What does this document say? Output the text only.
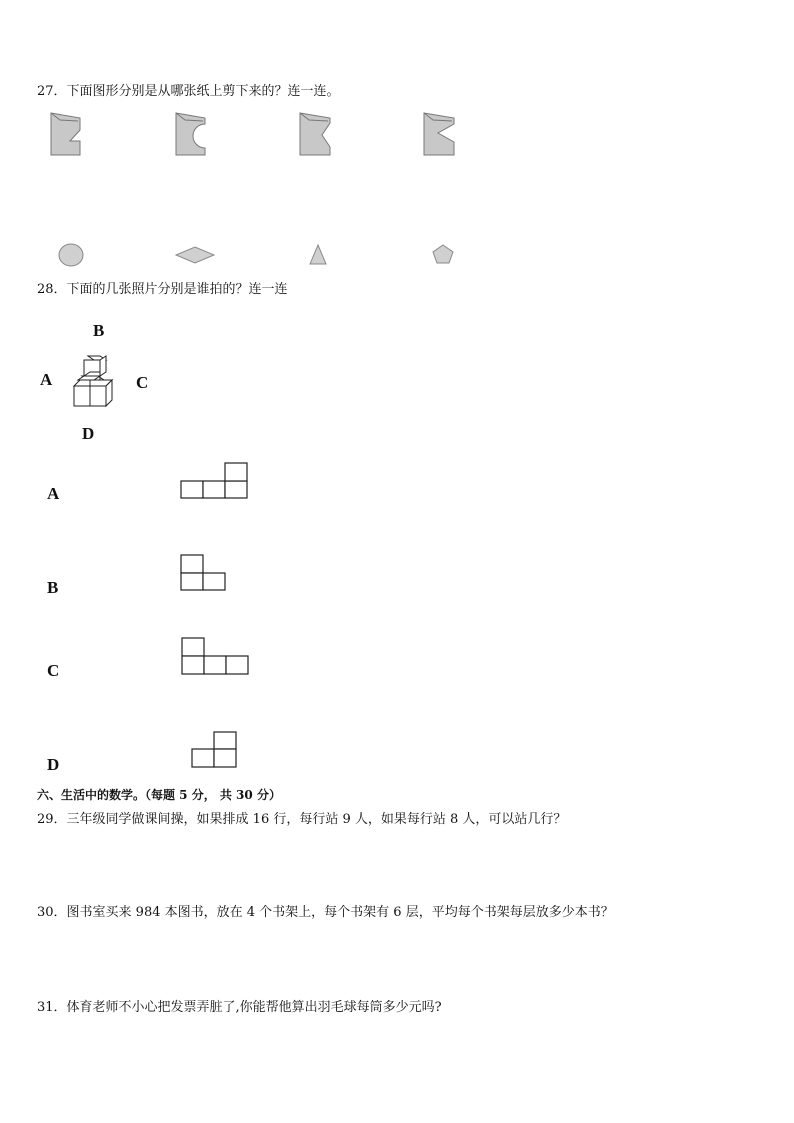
27．下面图形分别是从哪张纸上剪下来的？连一连。
28．下面的几张照片分别是谁拍的？连一连
B
A	C
D
A
B
C
D
六、生活中的数学。（每题 5 分， 共 30 分）
29．三年级同学做课间操，如果排成 16 行，每行站 9 人，如果每行站 8 人，可以站几行？
30．图书室买来 984 本图书，放在 4 个书架上，每个书架有 6 层，平均每个书架每层放多少本书？
31．体育老师不小心把发票弄脏了,你能帮他算出羽毛球每筒多少元吗?
